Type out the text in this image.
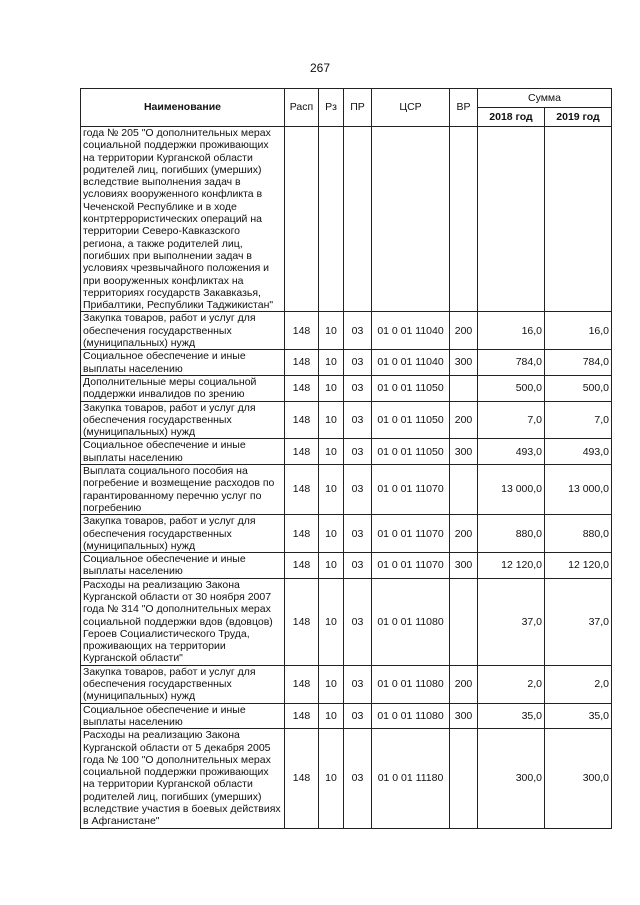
267
Наименование	Расп	Рз	ПР	ЦСР	ВР	Сумма	
						2018 год	2019 год
года № 205 "О дополнительных мерах социальной поддержки проживающих на территории Курганской области родителей лиц, погибших (умерших) вследствие выполнения задач в условиях вооруженного конфликта в Чеченской Республике и в ходе контртеррористических операций на территории Северо-Кавказского региона, а также родителей лиц, погибших при выполнении задач в условиях чрезвычайного положения и при вооруженных конфликтах на территориях государств Закавказья, Прибалтики, Республики Таджикистан"							
Закупка товаров, работ и услуг для обеспечения государственных (муниципальных) нужд	148	10	03	01 0 01 11040	200	16,0	16,0
Социальное обеспечение и иные выплаты населению	148	10	03	01 0 01 11040	300	784,0	784,0
Дополнительные меры социальной поддержки инвалидов по зрению	148	10	03	01 0 01 11050		500,0	500,0
Закупка товаров, работ и услуг для обеспечения государственных (муниципальных) нужд	148	10	03	01 0 01 11050	200	7,0	7,0
Социальное обеспечение и иные выплаты населению	148	10	03	01 0 01 11050	300	493,0	493,0
Выплата социального пособия на погребение и возмещение расходов по гарантированному перечню услуг по погребению	148	10	03	01 0 01 11070		13 000,0	13 000,0
Закупка товаров, работ и услуг для обеспечения государственных (муниципальных) нужд	148	10	03	01 0 01 11070	200	880,0	880,0
Социальное обеспечение и иные выплаты населению	148	10	03	01 0 01 11070	300	12 120,0	12 120,0
Расходы на реализацию Закона Курганской области от 30 ноября 2007 года № 314 "О дополнительных мерах социальной поддержки вдов (вдовцов) Героев Социалистического Труда, проживающих на территории Курганской области"	148	10	03	01 0 01 11080		37,0	37,0
Закупка товаров, работ и услуг для обеспечения государственных (муниципальных) нужд	148	10	03	01 0 01 11080	200	2,0	2,0
Социальное обеспечение и иные выплаты населению	148	10	03	01 0 01 11080	300	35,0	35,0
Расходы на реализацию Закона Курганской области от 5 декабря 2005 года № 100 "О дополнительных мерах социальной поддержки проживающих на территории Курганской области родителей лиц, погибших (умерших) вследствие участия в боевых действиях в Афганистане"	148	10	03	01 0 01 11180		300,0	300,0
